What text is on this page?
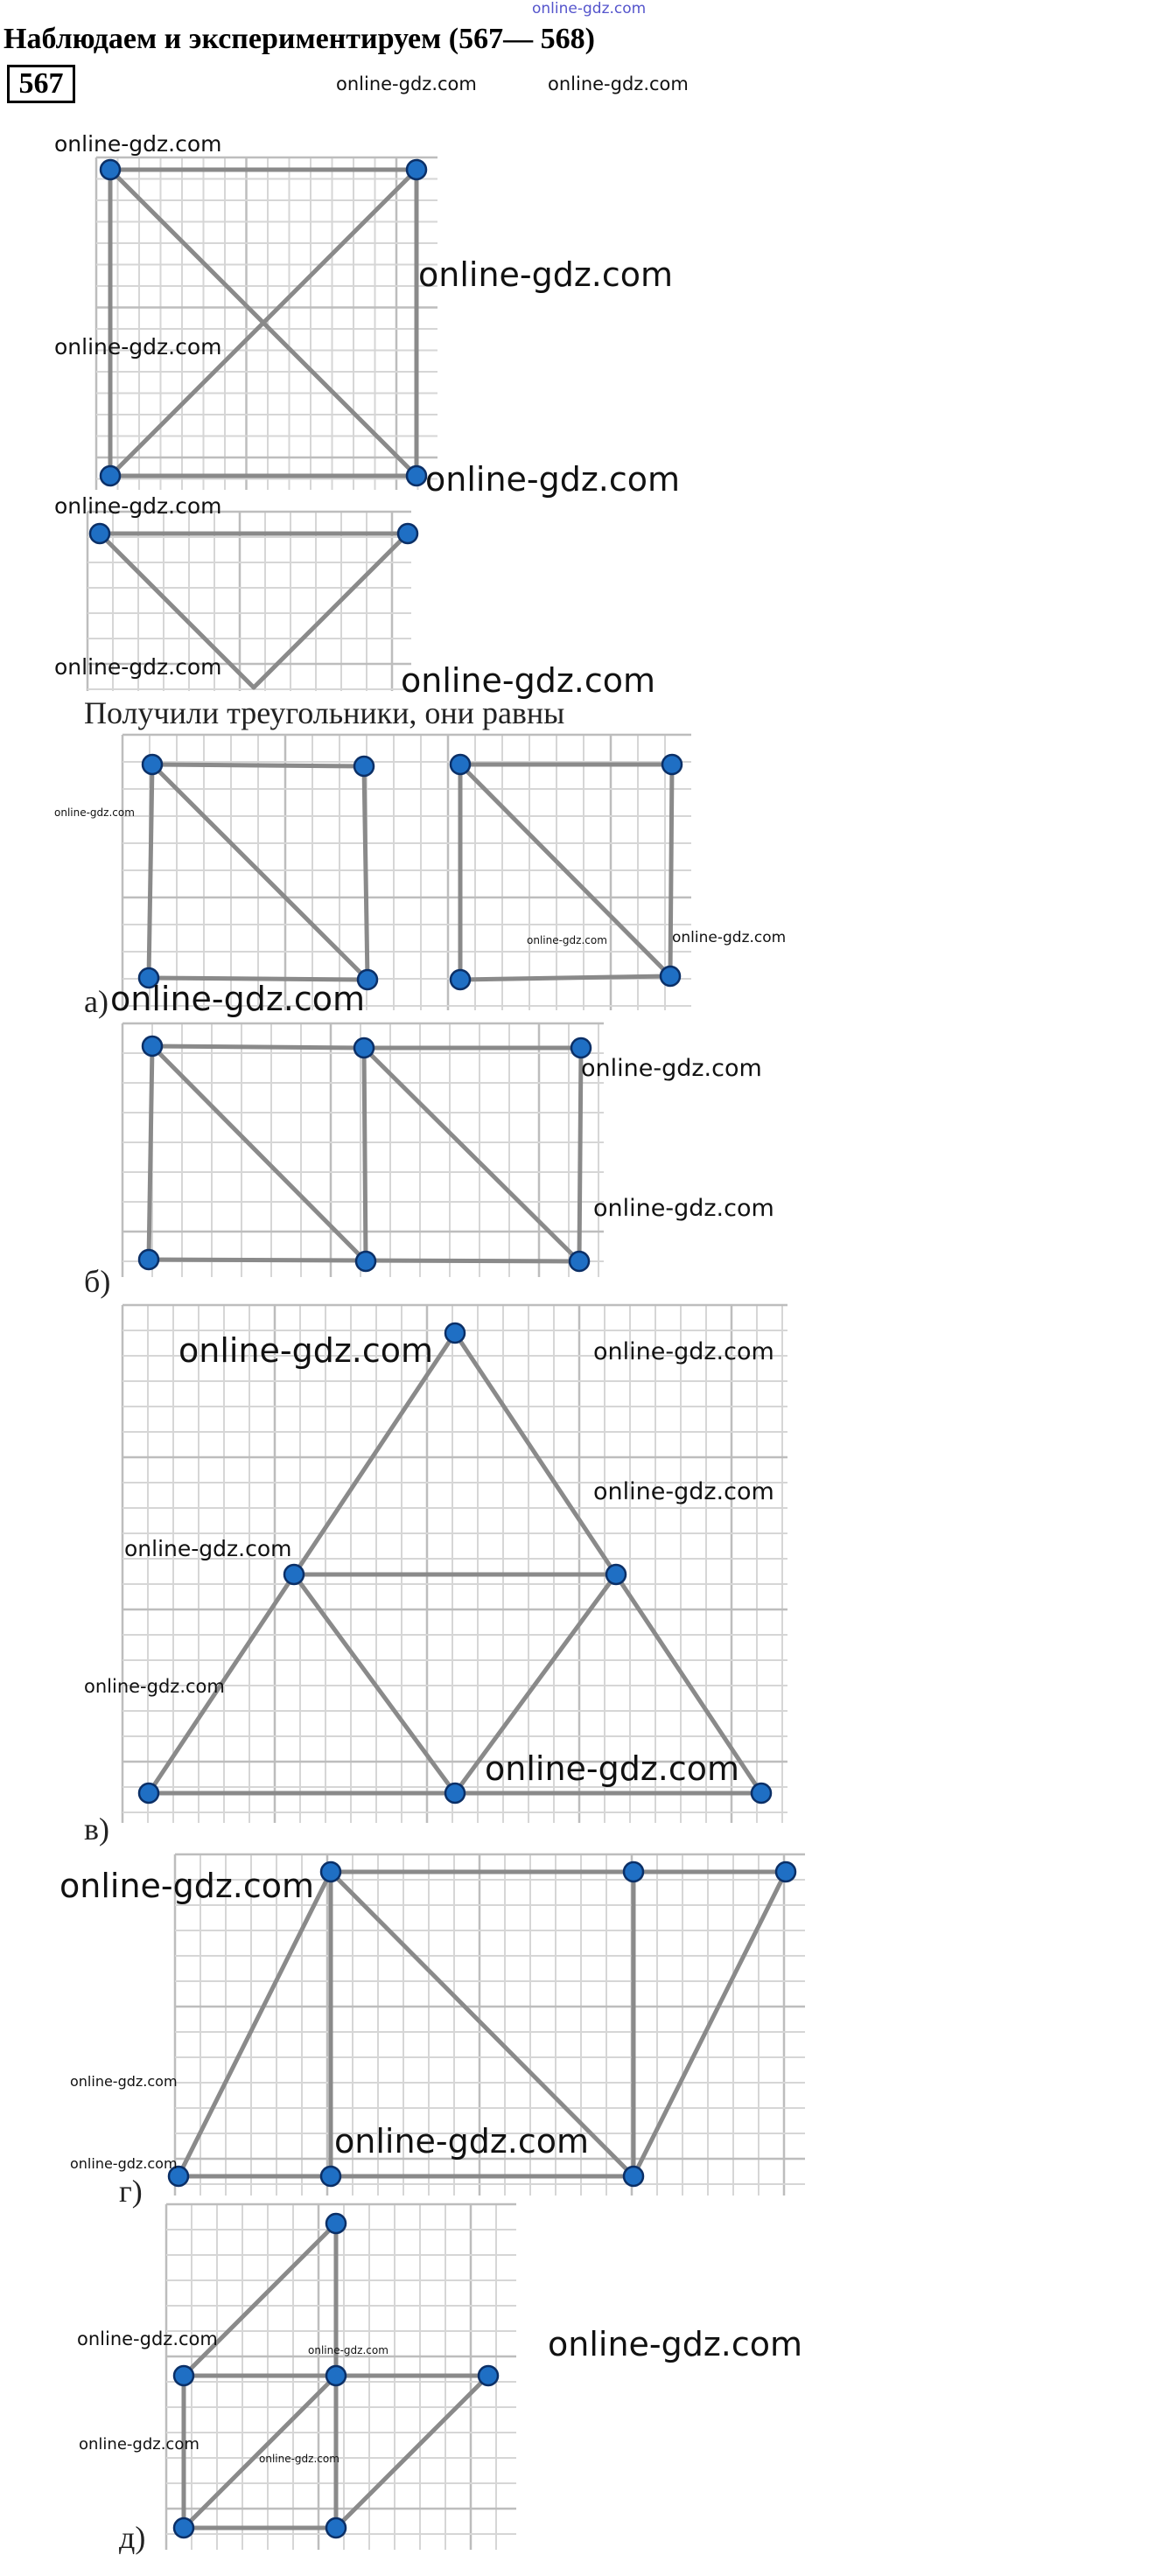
online-gdz.com
Наблюдаем и экспериментируем (567— 568)
567
Получили треугольники, они равны
а)
б)
в)
г)
д)
online-gdz.com	online-gdz.com
online-gdz.com
online-gdz.com
online-gdz.com
online-gdz.com
online-gdz.com
online-gdz.com	online-gdz.com
online-gdz.com
online-gdz.com	online-gdz.com
online-gdz.com
online-gdz.com
online-gdz.com
online-gdz.com	online-gdz.com
online-gdz.com
online-gdz.com
online-gdz.com
online-gdz.com
online-gdz.com
online-gdz.com
online-gdz.com
online-gdz.com
online-gdz.com
online-gdz.com	online-gdz.com
online-gdz.com
online-gdz.com
